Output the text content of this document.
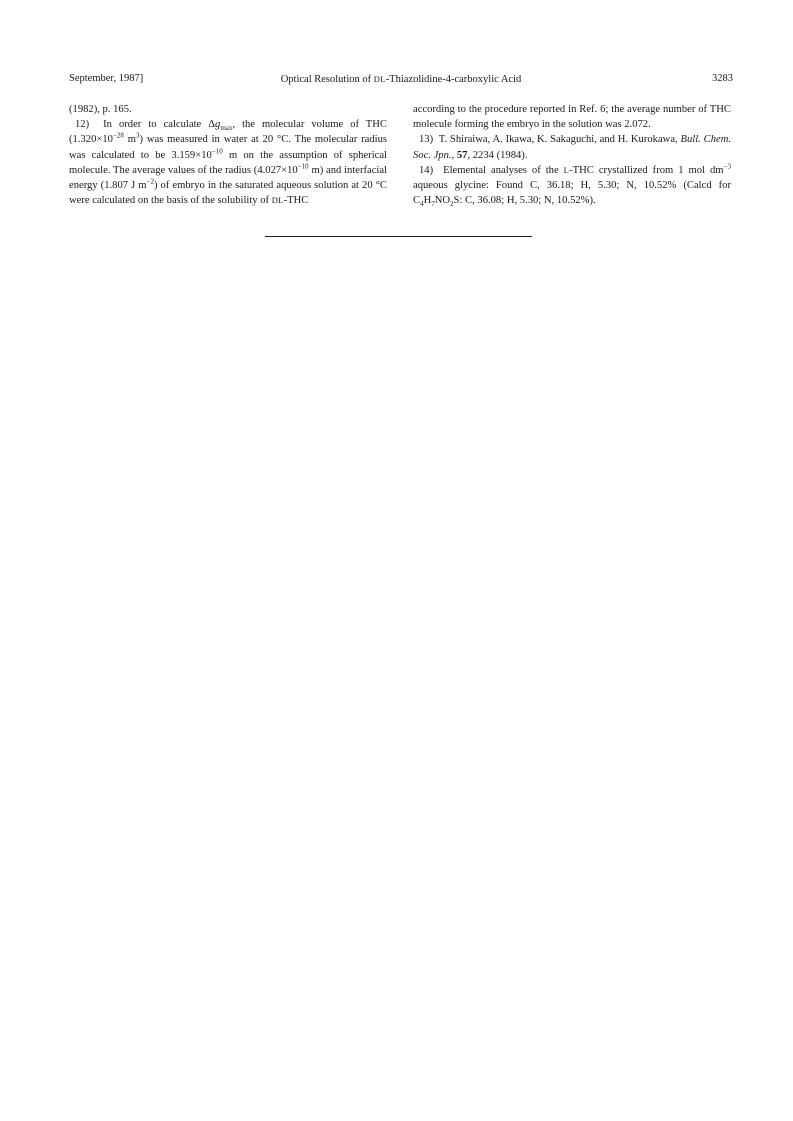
September, 1987]	Optical Resolution of DL-Thiazolidine-4-carboxylic Acid	3283

(1982), p. 165.

12) In order to calculate $\Delta g_{max}$, the molecular volume of THC ($1.320\times 10^{-28}$ $m^3$) was measured in water at 20 °C. The molecular radius was calculated to be $3.159\times 10^{-10}$ m on the assumption of spherical molecule. The average values of the radius ($4.027\times 10^{-10}$ m) and interfacial energy (1.807 J $m^{-2}$) of embryo in the saturated aqueous solution at 20 °C were calculated on the basis of the solubility of DL-THC

according to the procedure reported in Ref. 6; the average number of THC molecule forming the embryo in the solution was 2.072.

13) T. Shiraiwa, A. Ikawa, K. Sakaguchi, and H. Kurokawa, Bull. Chem. Soc. Jpn., 57, 2234 (1984).

14) Elemental analyses of the L-THC crystallized from 1 mol $dm^{-3}$ aqueous glycine: Found C, 36.18; H, 5.30; N, 10.52% (Calcd for $C_4H_7NO_2S$: C, 36.08; H, 5.30; N, 10.52%).
